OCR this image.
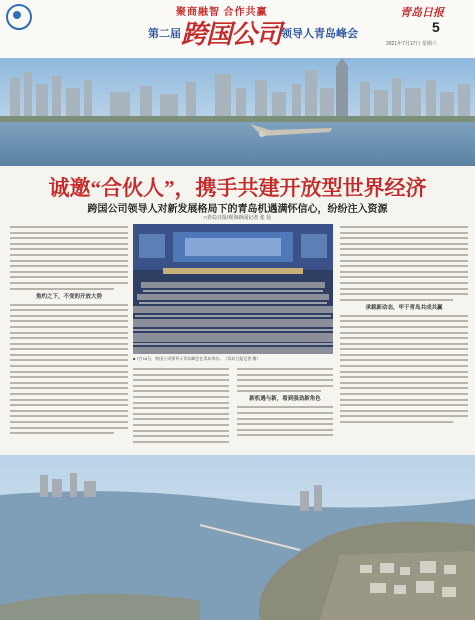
聚商融智 合作共赢
第二届跨国公司领导人青岛峰会
青岛日报
5
2021年7月17日 星期六
诚邀“合伙人”，携手共建开放型世界经济
跨国公司领导人对新发展格局下的青岛机遇满怀信心，纷纷注入资源
□青岛日报/观海新闻记者 张 蓓
焦灼之下，不变的开放大势
■ 7月16日，跨国公司领导人青岛峰会在青岛举办。（青岛日报记者 摄）
新机遇与新，看到强劲新角色
承载新动态，牢于青岛共成共赢
